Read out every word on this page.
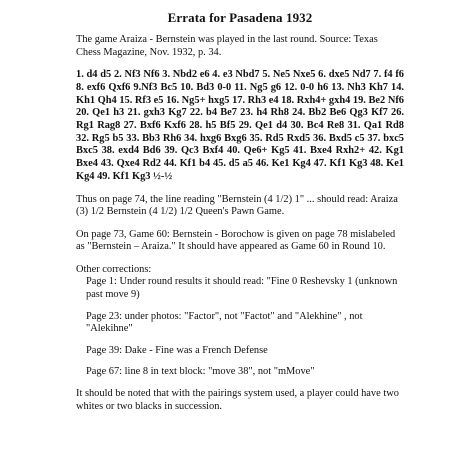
Errata for Pasadena 1932

The game Araiza - Bernstein was played in the last round. Source: Texas Chess Magazine, Nov. 1932, p. 34.

1. d4 d5 2. Nf3 Nf6 3. Nbd2 e6 4. e3 Nbd7 5. Ne5 Nxe5 6. dxe5 Nd7 7. f4 f6 8. exf6 Qxf6 9.Nf3 Bc5 10. Bd3 0-0 11. Ng5 g6 12. 0-0 h6 13. Nh3 Kh7 14. Kh1 Qh4 15. Rf3 e5 16. Ng5+ hxg5 17. Rh3 e4 18. Rxh4+ gxh4 19. Be2 Nf6 20. Qe1 h3 21. gxh3 Kg7 22. b4 Be7 23. h4 Rh8 24. Bb2 Be6 Qg3 Kf7 26. Rg1 Rag8 27. Bxf6 Kxf6 28. h5 Bf5 29. Qe1 d4 30. Bc4 Re8 31. Qa1 Rd8 32. Rg5 b5 33. Bb3 Rh6 34. hxg6 Bxg6 35. Rd5 Rxd5 36. Bxd5 c5 37. bxc5 Bxc5 38. exd4 Bd6 39. Qc3 Bxf4 40. Qe6+ Kg5 41. Bxe4 Rxh2+ 42. Kg1 Bxe4 43. Qxe4 Rd2 44. Kf1 b4 45. d5 a5 46. Ke1 Kg4 47. Kf1 Kg3 48. Ke1 Kg4 49. Kf1 Kg3 ½-½

Thus on page 74, the line reading "Bernstein (4 1/2) 1" ... should read: Araiza (3) 1/2 Bernstein (4 1/2) 1/2 Queen's Pawn Game.

On page 73, Game 60: Bernstein - Borochow is given on page 78 mislabeled as "Bernstein – Araiza." It should have appeared as Game 60 in Round 10.

Other corrections:

Page 1: Under round results it should read: "Fine 0 Reshevsky 1 (unknown past move 9)

Page 23: under photos: "Factor", not "Factot" and "Alekhine" , not "Alekihne"

Page 39: Dake - Fine was a French Defense

Page 67: line 8 in text block: "move 38", not "mMove"

It should be noted that with the pairings system used, a player could have two whites or two blacks in succession.
